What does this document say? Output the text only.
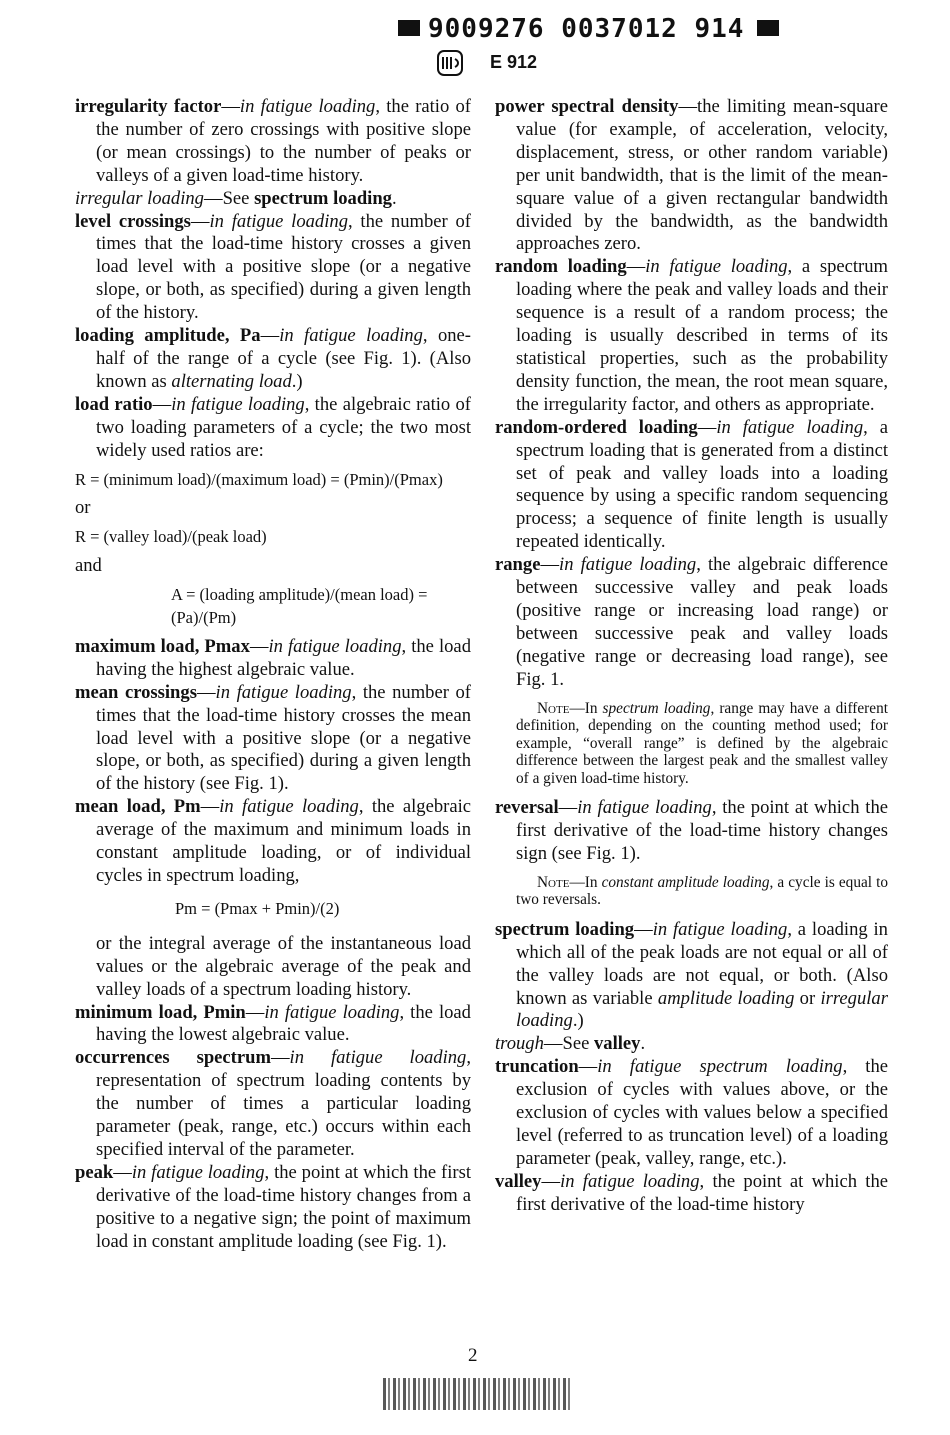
9009276 0037012 914
E 912

irregularity factor—in fatigue loading, the ratio of the number of zero crossings with positive slope (or mean crossings) to the number of peaks or valleys of a given load-time history.

irregular loading—See spectrum loading.

level crossings—in fatigue loading, the number of times that the load-time history crosses a given load level with a positive slope (or a negative slope, or both, as specified) during a given length of the history.

loading amplitude, Pa—in fatigue loading, one-half of the range of a cycle (see Fig. 1). (Also known as alternating load.)

load ratio—in fatigue loading, the algebraic ratio of two loading parameters of a cycle; the two most widely used ratios are:

R = (minimum load)/(maximum load) = (Pmin)/(Pmax)
or
R = (valley load)/(peak load)
and
A = (loading amplitude)/(mean load) = (Pa)/(Pm)

maximum load, Pmax—in fatigue loading, the load having the highest algebraic value.

mean crossings—in fatigue loading, the number of times that the load-time history crosses the mean load level with a positive slope (or a negative slope, or both, as specified) during a given length of the history (see Fig. 1).

mean load, Pm—in fatigue loading, the algebraic average of the maximum and minimum loads in constant amplitude loading, or of individual cycles in spectrum loading,

Pm = (Pmax + Pmin)/(2)

or the integral average of the instantaneous load values or the algebraic average of the peak and valley loads of a spectrum loading history.

minimum load, Pmin—in fatigue loading, the load having the lowest algebraic value.

occurrences spectrum—in fatigue loading, representation of spectrum loading contents by the number of times a particular loading parameter (peak, range, etc.) occurs within each specified interval of the parameter.

peak—in fatigue loading, the point at which the first derivative of the load-time history changes from a positive to a negative sign; the point of maximum load in constant amplitude loading (see Fig. 1).

power spectral density—the limiting mean-square value (for example, of acceleration, velocity, displacement, stress, or other random variable) per unit bandwidth, that is the limit of the mean-square value of a given rectangular bandwidth divided by the bandwidth, as the bandwidth approaches zero.

random loading—in fatigue loading, a spectrum loading where the peak and valley loads and their sequence is a result of a random process; the loading is usually described in terms of its statistical properties, such as the probability density function, the mean, the root mean square, the irregularity factor, and others as appropriate.

random-ordered loading—in fatigue loading, a spectrum loading that is generated from a distinct set of peak and valley loads into a loading sequence by using a specific random sequencing process; a sequence of finite length is usually repeated identically.

range—in fatigue loading, the algebraic difference between successive valley and peak loads (positive range or increasing load range) or between successive peak and valley loads (negative range or decreasing load range), see Fig. 1.

Note—In spectrum loading, range may have a different definition, depending on the counting method used; for example, “overall range” is defined by the algebraic difference between the largest peak and the smallest valley of a given load-time history.

reversal—in fatigue loading, the point at which the first derivative of the load-time history changes sign (see Fig. 1).

Note—In constant amplitude loading, a cycle is equal to two reversals.

spectrum loading—in fatigue loading, a loading in which all of the peak loads are not equal or all of the valley loads are not equal, or both. (Also known as variable amplitude loading or irregular loading.)

trough—See valley.

truncation—in fatigue spectrum loading, the exclusion of cycles with values above, or the exclusion of cycles with values below a specified level (referred to as truncation level) of a loading parameter (peak, valley, range, etc.).

valley—in fatigue loading, the point at which the first derivative of the load-time history

2
